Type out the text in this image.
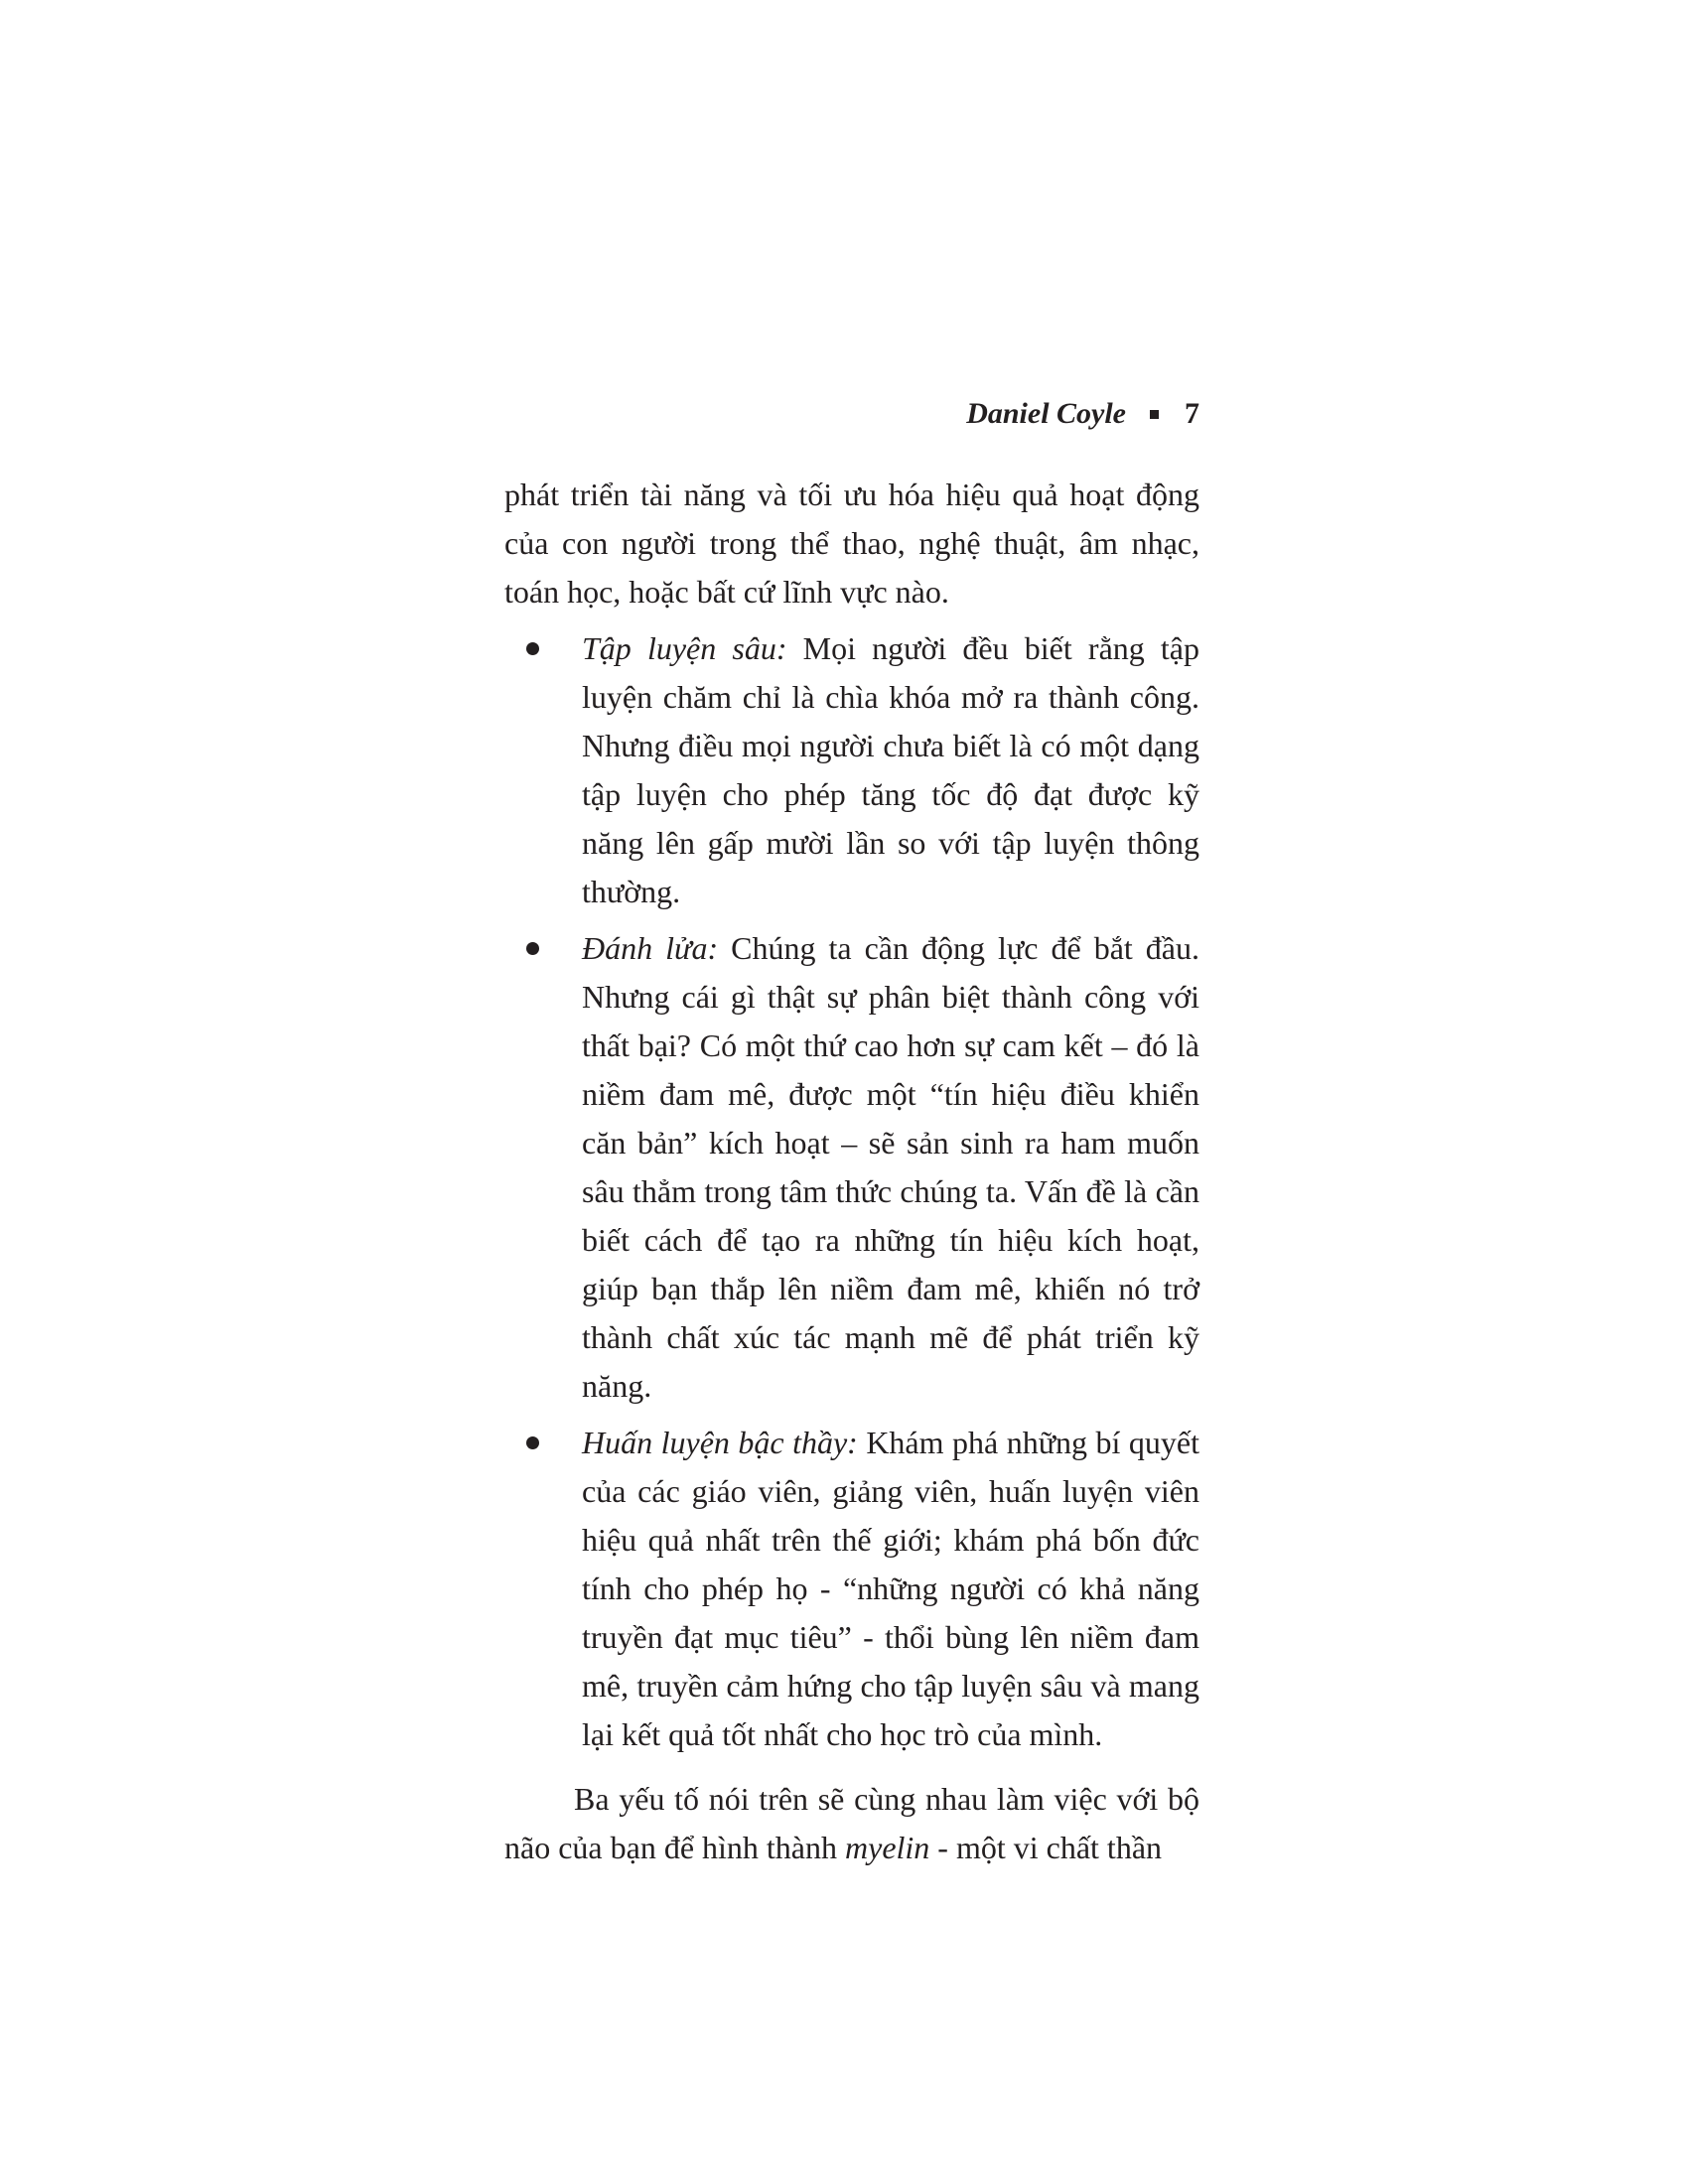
Daniel Coyle 7

phát triển tài năng và tối ưu hóa hiệu quả hoạt động của con người trong thể thao, nghệ thuật, âm nhạc, toán học, hoặc bất cứ lĩnh vực nào.

Tập luyện sâu: Mọi người đều biết rằng tập luyện chăm chỉ là chìa khóa mở ra thành công. Nhưng điều mọi người chưa biết là có một dạng tập luyện cho phép tăng tốc độ đạt được kỹ năng lên gấp mười lần so với tập luyện thông thường.
Đánh lửa: Chúng ta cần động lực để bắt đầu. Nhưng cái gì thật sự phân biệt thành công với thất bại? Có một thứ cao hơn sự cam kết – đó là niềm đam mê, được một “tín hiệu điều khiển căn bản” kích hoạt – sẽ sản sinh ra ham muốn sâu thẳm trong tâm thức chúng ta. Vấn đề là cần biết cách để tạo ra những tín hiệu kích hoạt, giúp bạn thắp lên niềm đam mê, khiến nó trở thành chất xúc tác mạnh mẽ để phát triển kỹ năng.
Huấn luyện bậc thầy: Khám phá những bí quyết của các giáo viên, giảng viên, huấn luyện viên hiệu quả nhất trên thế giới; khám phá bốn đức tính cho phép họ - “những người có khả năng truyền đạt mục tiêu” - thổi bùng lên niềm đam mê, truyền cảm hứng cho tập luyện sâu và mang lại kết quả tốt nhất cho học trò của mình.

Ba yếu tố nói trên sẽ cùng nhau làm việc với bộ não của bạn để hình thành myelin - một vi chất thần
